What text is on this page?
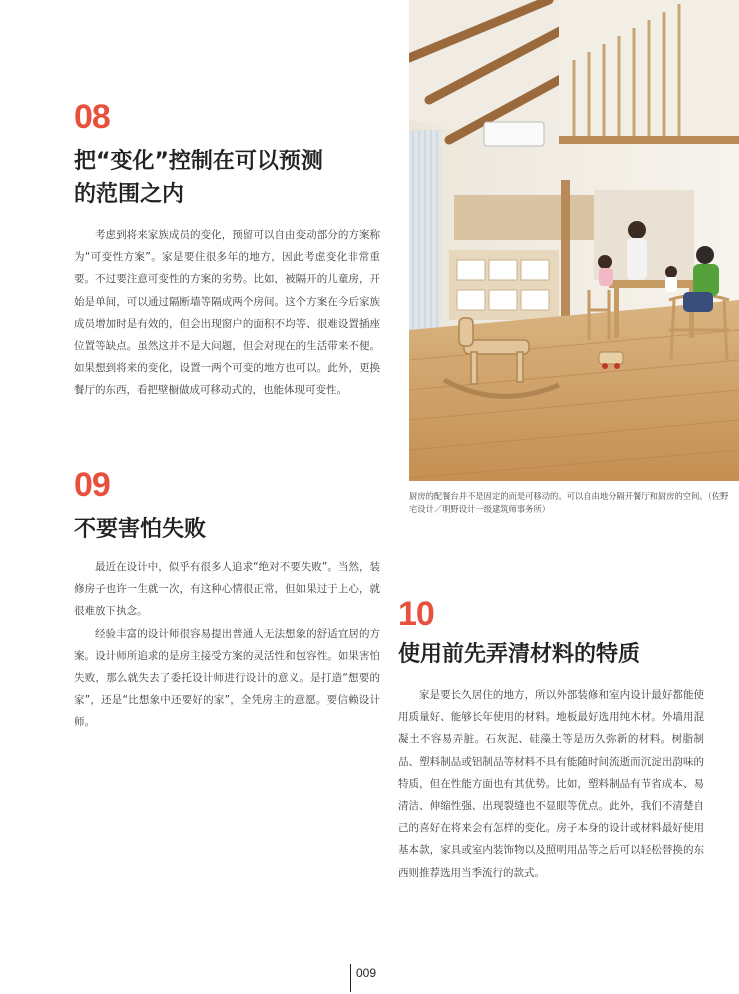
08
把“变化”控制在可以预测
的范围之内

考虑到将来家族成员的变化，预留可以自由变动部分的方案称为“可变性方案”。家是要住很多年的地方，因此考虑变化非常重要。不过要注意可变性的方案的劣势。比如，被隔开的儿童房，开始是单间，可以通过隔断墙等隔成两个房间。这个方案在今后家族成员增加时是有效的，但会出现窗户的面积不均等、很难设置插座位置等缺点。虽然这并不是大问题，但会对现在的生活带来不便。如果想到将来的变化，设置一两个可变的地方也可以。此外，更换餐厅的东西，看把壁橱做成可移动式的，也能体现可变性。

09
不要害怕失败

最近在设计中，似乎有很多人追求“绝对不要失败”。当然，装修房子也许一生就一次，有这种心情很正常，但如果过于上心，就很难放下执念。

经验丰富的设计师很容易提出普通人无法想象的舒适宜居的方案。设计师所追求的是房主接受方案的灵活性和包容性。如果害怕失败，那么就失去了委托设计师进行设计的意义。是打造“想要的家”，还是“比想象中还要好的家”，全凭房主的意愿。要信赖设计师。

厨房的配餐台并不是固定的而是可移动的。可以自由地分隔开餐厅和厨房的空间。（佐野宅设计／明野设计一级建筑师事务所）

10
使用前先弄清材料的特质

家是要长久居住的地方，所以外部装修和室内设计最好都能使用质量好、能够长年使用的材料。地板最好选用纯木材。外墙用混凝土不容易弄脏。石灰泥、硅藻土等是历久弥新的材料。树脂制品、塑料制品或铝制品等材料不具有能随时间流逝而沉淀出韵味的特质，但在性能方面也有其优势。比如，塑料制品有节省成本、易清洁、伸缩性强、出现裂缝也不显眼等优点。此外，我们不清楚自己的喜好在将来会有怎样的变化。房子本身的设计或材料最好使用基本款，家具或室内装饰物以及照明用品等之后可以轻松替换的东西则推荐选用当季流行的款式。

009
